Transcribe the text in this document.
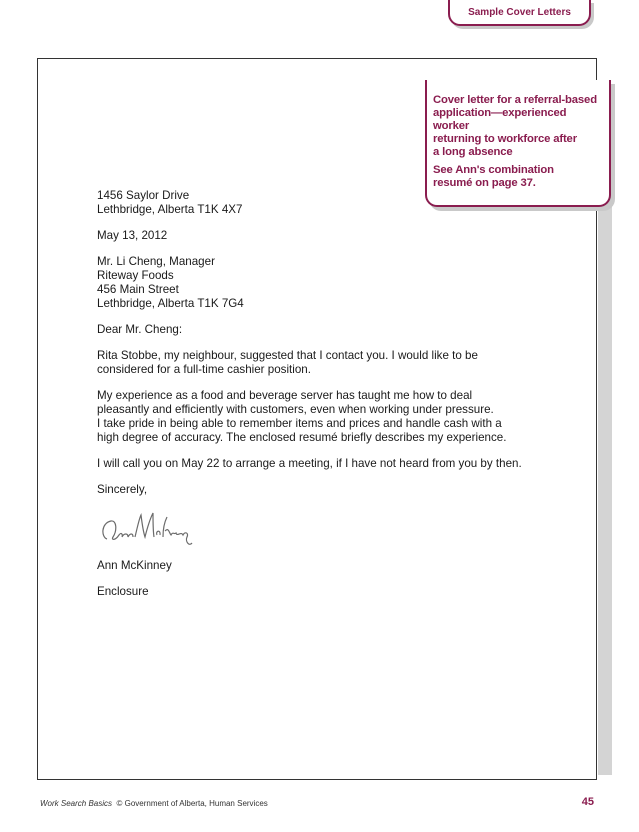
Sample Cover Letters
Cover letter for a referral-based
application—experienced worker
returning to workforce after
a long absence
See Ann's combination
resumé on page 37.
1456 Saylor Drive
Lethbridge, Alberta T1K 4X7
May 13, 2012
Mr. Li Cheng, Manager
Riteway Foods
456 Main Street
Lethbridge, Alberta T1K 7G4
Dear Mr. Cheng:
Rita Stobbe, my neighbour, suggested that I contact you. I would like to be
considered for a full-time cashier position.
My experience as a food and beverage server has taught me how to deal
pleasantly and efficiently with customers, even when working under pressure.
I take pride in being able to remember items and prices and handle cash with a
high degree of accuracy. The enclosed resumé briefly describes my experience.
I will call you on May 22 to arrange a meeting, if I have not heard from you by then.
Sincerely,
Ann McKinney
Enclosure
Work Search Basics © Government of Alberta, Human Services	45
